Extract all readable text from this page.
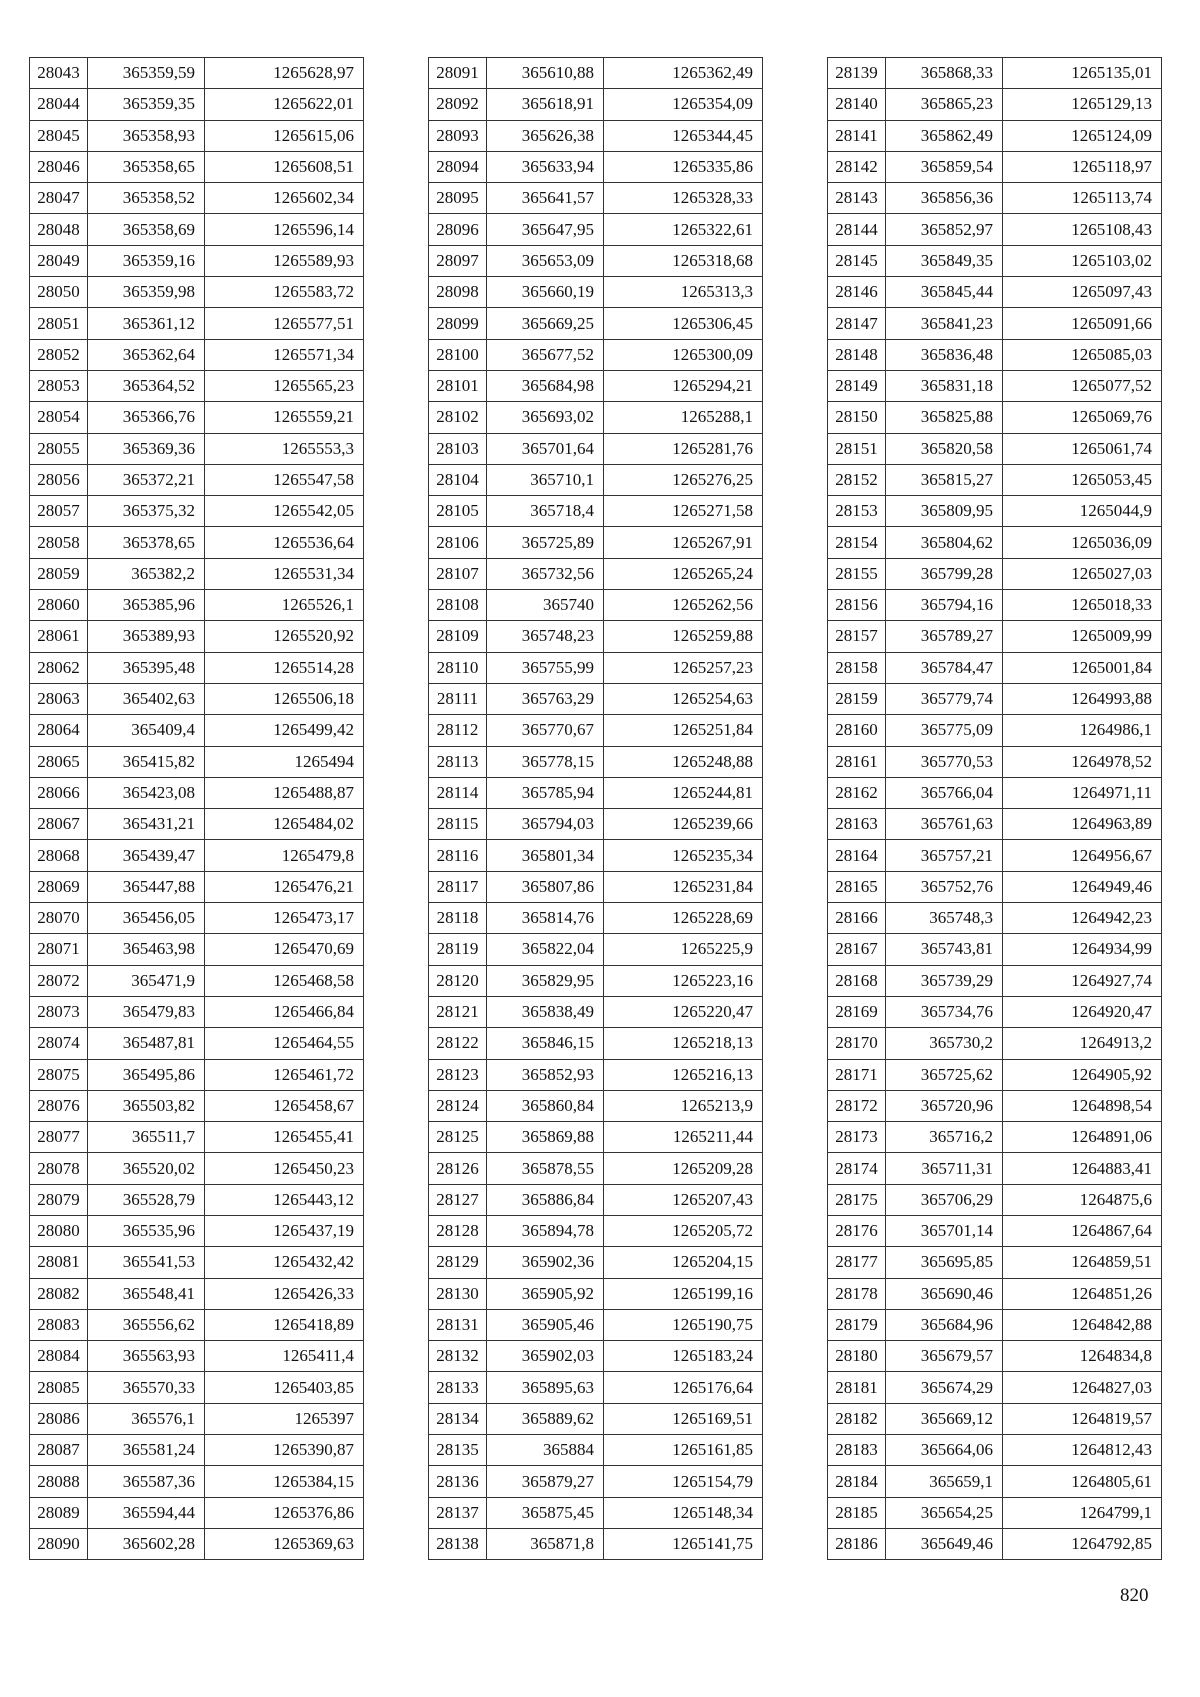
28043	365359,59	1265628,97
28044	365359,35	1265622,01
28045	365358,93	1265615,06
28046	365358,65	1265608,51
28047	365358,52	1265602,34
28048	365358,69	1265596,14
28049	365359,16	1265589,93
28050	365359,98	1265583,72
28051	365361,12	1265577,51
28052	365362,64	1265571,34
28053	365364,52	1265565,23
28054	365366,76	1265559,21
28055	365369,36	1265553,3
28056	365372,21	1265547,58
28057	365375,32	1265542,05
28058	365378,65	1265536,64
28059	365382,2	1265531,34
28060	365385,96	1265526,1
28061	365389,93	1265520,92
28062	365395,48	1265514,28
28063	365402,63	1265506,18
28064	365409,4	1265499,42
28065	365415,82	1265494
28066	365423,08	1265488,87
28067	365431,21	1265484,02
28068	365439,47	1265479,8
28069	365447,88	1265476,21
28070	365456,05	1265473,17
28071	365463,98	1265470,69
28072	365471,9	1265468,58
28073	365479,83	1265466,84
28074	365487,81	1265464,55
28075	365495,86	1265461,72
28076	365503,82	1265458,67
28077	365511,7	1265455,41
28078	365520,02	1265450,23
28079	365528,79	1265443,12
28080	365535,96	1265437,19
28081	365541,53	1265432,42
28082	365548,41	1265426,33
28083	365556,62	1265418,89
28084	365563,93	1265411,4
28085	365570,33	1265403,85
28086	365576,1	1265397
28087	365581,24	1265390,87
28088	365587,36	1265384,15
28089	365594,44	1265376,86
28090	365602,28	1265369,63
28091	365610,88	1265362,49
28092	365618,91	1265354,09
28093	365626,38	1265344,45
28094	365633,94	1265335,86
28095	365641,57	1265328,33
28096	365647,95	1265322,61
28097	365653,09	1265318,68
28098	365660,19	1265313,3
28099	365669,25	1265306,45
28100	365677,52	1265300,09
28101	365684,98	1265294,21
28102	365693,02	1265288,1
28103	365701,64	1265281,76
28104	365710,1	1265276,25
28105	365718,4	1265271,58
28106	365725,89	1265267,91
28107	365732,56	1265265,24
28108	365740	1265262,56
28109	365748,23	1265259,88
28110	365755,99	1265257,23
28111	365763,29	1265254,63
28112	365770,67	1265251,84
28113	365778,15	1265248,88
28114	365785,94	1265244,81
28115	365794,03	1265239,66
28116	365801,34	1265235,34
28117	365807,86	1265231,84
28118	365814,76	1265228,69
28119	365822,04	1265225,9
28120	365829,95	1265223,16
28121	365838,49	1265220,47
28122	365846,15	1265218,13
28123	365852,93	1265216,13
28124	365860,84	1265213,9
28125	365869,88	1265211,44
28126	365878,55	1265209,28
28127	365886,84	1265207,43
28128	365894,78	1265205,72
28129	365902,36	1265204,15
28130	365905,92	1265199,16
28131	365905,46	1265190,75
28132	365902,03	1265183,24
28133	365895,63	1265176,64
28134	365889,62	1265169,51
28135	365884	1265161,85
28136	365879,27	1265154,79
28137	365875,45	1265148,34
28138	365871,8	1265141,75
28139	365868,33	1265135,01
28140	365865,23	1265129,13
28141	365862,49	1265124,09
28142	365859,54	1265118,97
28143	365856,36	1265113,74
28144	365852,97	1265108,43
28145	365849,35	1265103,02
28146	365845,44	1265097,43
28147	365841,23	1265091,66
28148	365836,48	1265085,03
28149	365831,18	1265077,52
28150	365825,88	1265069,76
28151	365820,58	1265061,74
28152	365815,27	1265053,45
28153	365809,95	1265044,9
28154	365804,62	1265036,09
28155	365799,28	1265027,03
28156	365794,16	1265018,33
28157	365789,27	1265009,99
28158	365784,47	1265001,84
28159	365779,74	1264993,88
28160	365775,09	1264986,1
28161	365770,53	1264978,52
28162	365766,04	1264971,11
28163	365761,63	1264963,89
28164	365757,21	1264956,67
28165	365752,76	1264949,46
28166	365748,3	1264942,23
28167	365743,81	1264934,99
28168	365739,29	1264927,74
28169	365734,76	1264920,47
28170	365730,2	1264913,2
28171	365725,62	1264905,92
28172	365720,96	1264898,54
28173	365716,2	1264891,06
28174	365711,31	1264883,41
28175	365706,29	1264875,6
28176	365701,14	1264867,64
28177	365695,85	1264859,51
28178	365690,46	1264851,26
28179	365684,96	1264842,88
28180	365679,57	1264834,8
28181	365674,29	1264827,03
28182	365669,12	1264819,57
28183	365664,06	1264812,43
28184	365659,1	1264805,61
28185	365654,25	1264799,1
28186	365649,46	1264792,85
820
